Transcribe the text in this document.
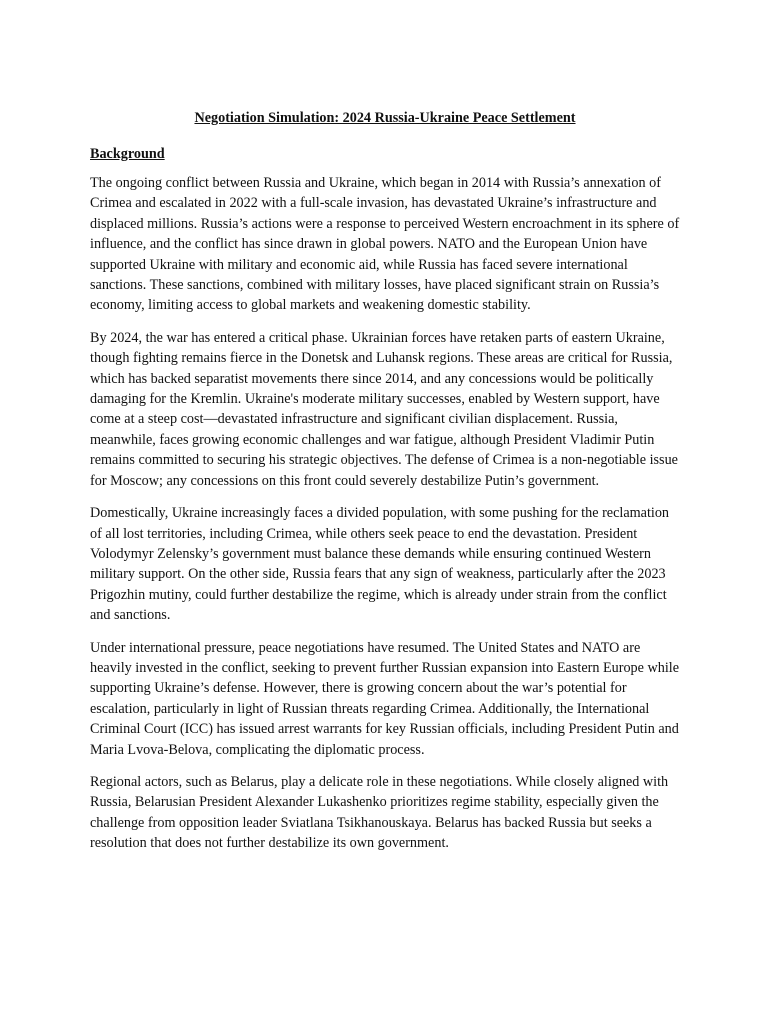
Negotiation Simulation: 2024 Russia-Ukraine Peace Settlement
Background

The ongoing conflict between Russia and Ukraine, which began in 2014 with Russia’s annexation of Crimea and escalated in 2022 with a full-scale invasion, has devastated Ukraine’s infrastructure and displaced millions. Russia’s actions were a response to perceived Western encroachment in its sphere of influence, and the conflict has since drawn in global powers. NATO and the European Union have supported Ukraine with military and economic aid, while Russia has faced severe international sanctions. These sanctions, combined with military losses, have placed significant strain on Russia’s economy, limiting access to global markets and weakening domestic stability.

By 2024, the war has entered a critical phase. Ukrainian forces have retaken parts of eastern Ukraine, though fighting remains fierce in the Donetsk and Luhansk regions. These areas are critical for Russia, which has backed separatist movements there since 2014, and any concessions would be politically damaging for the Kremlin. Ukraine's moderate military successes, enabled by Western support, have come at a steep cost—devastated infrastructure and significant civilian displacement. Russia, meanwhile, faces growing economic challenges and war fatigue, although President Vladimir Putin remains committed to securing his strategic objectives. The defense of Crimea is a non-negotiable issue for Moscow; any concessions on this front could severely destabilize Putin’s government.

Domestically, Ukraine increasingly faces a divided population, with some pushing for the reclamation of all lost territories, including Crimea, while others seek peace to end the devastation. President Volodymyr Zelensky’s government must balance these demands while ensuring continued Western military support. On the other side, Russia fears that any sign of weakness, particularly after the 2023 Prigozhin mutiny, could further destabilize the regime, which is already under strain from the conflict and sanctions.

Under international pressure, peace negotiations have resumed. The United States and NATO are heavily invested in the conflict, seeking to prevent further Russian expansion into Eastern Europe while supporting Ukraine’s defense. However, there is growing concern about the war’s potential for escalation, particularly in light of Russian threats regarding Crimea. Additionally, the International Criminal Court (ICC) has issued arrest warrants for key Russian officials, including President Putin and Maria Lvova-Belova, complicating the diplomatic process.

Regional actors, such as Belarus, play a delicate role in these negotiations. While closely aligned with Russia, Belarusian President Alexander Lukashenko prioritizes regime stability, especially given the challenge from opposition leader Sviatlana Tsikhanouskaya. Belarus has backed Russia but seeks a resolution that does not further destabilize its own government.
